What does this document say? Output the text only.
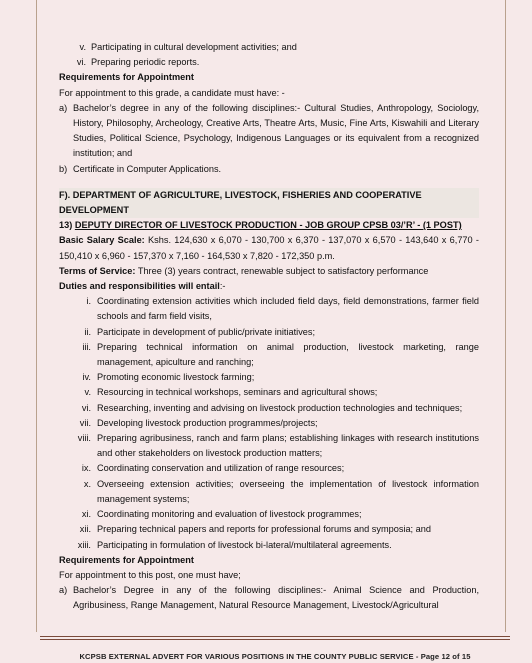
v. Participating in cultural development activities; and
vi. Preparing periodic reports.

Requirements for Appointment

For appointment to this grade, a candidate must have: -

a) Bachelor’s degree in any of the following disciplines:- Cultural Studies, Anthropology, Sociology, History, Philosophy, Archeology, Creative Arts, Theatre Arts, Music, Fine Arts, Kiswahili and Literary Studies, Political Science, Psychology, Indigenous Languages or its equivalent from a recognized institution; and
b) Certificate in Computer Applications.

F). DEPARTMENT OF AGRICULTURE, LIVESTOCK, FISHERIES AND COOPERATIVE DEVELOPMENT

13) DEPUTY DIRECTOR OF LIVESTOCK PRODUCTION - JOB GROUP CPSB 03/’R’ - (1 POST)

Basic Salary Scale: Kshs. 124,630 x 6,070 - 130,700 x 6,370 - 137,070 x 6,570 - 143,640 x 6,770 - 150,410 x 6,960 - 157,370 x 7,160 - 164,530 x 7,820 - 172,350 p.m.

Terms of Service: Three (3) years contract, renewable subject to satisfactory performance

Duties and responsibilities will entail:-

i. Coordinating extension activities which included field days, field demonstrations, farmer field schools and farm field visits,
ii. Participate in development of public/private initiatives;
iii. Preparing technical information on animal production, livestock marketing, range management, apiculture and ranching;
iv. Promoting economic livestock farming;
v. Resourcing in technical workshops, seminars and agricultural shows;
vi. Researching, inventing and advising on livestock production technologies and techniques;
vii. Developing livestock production programmes/projects;
viii. Preparing agribusiness, ranch and farm plans; establishing linkages with research institutions and other stakeholders on livestock production matters;
ix. Coordinating conservation and utilization of range resources;
x. Overseeing extension activities; overseeing the implementation of livestock information management systems;
xi. Coordinating monitoring and evaluation of livestock programmes;
xii. Preparing technical papers and reports for professional forums and symposia; and
xiii. Participating in formulation of livestock bi-lateral/multilateral agreements.

Requirements for Appointment

For appointment to this post, one must have;

a) Bachelor’s Degree in any of the following disciplines:- Animal Science and Production, Agribusiness, Range Management, Natural Resource Management, Livestock/Agricultural
KCPSB EXTERNAL ADVERT FOR VARIOUS POSITIONS IN THE COUNTY PUBLIC SERVICE - Page 12 of 15
